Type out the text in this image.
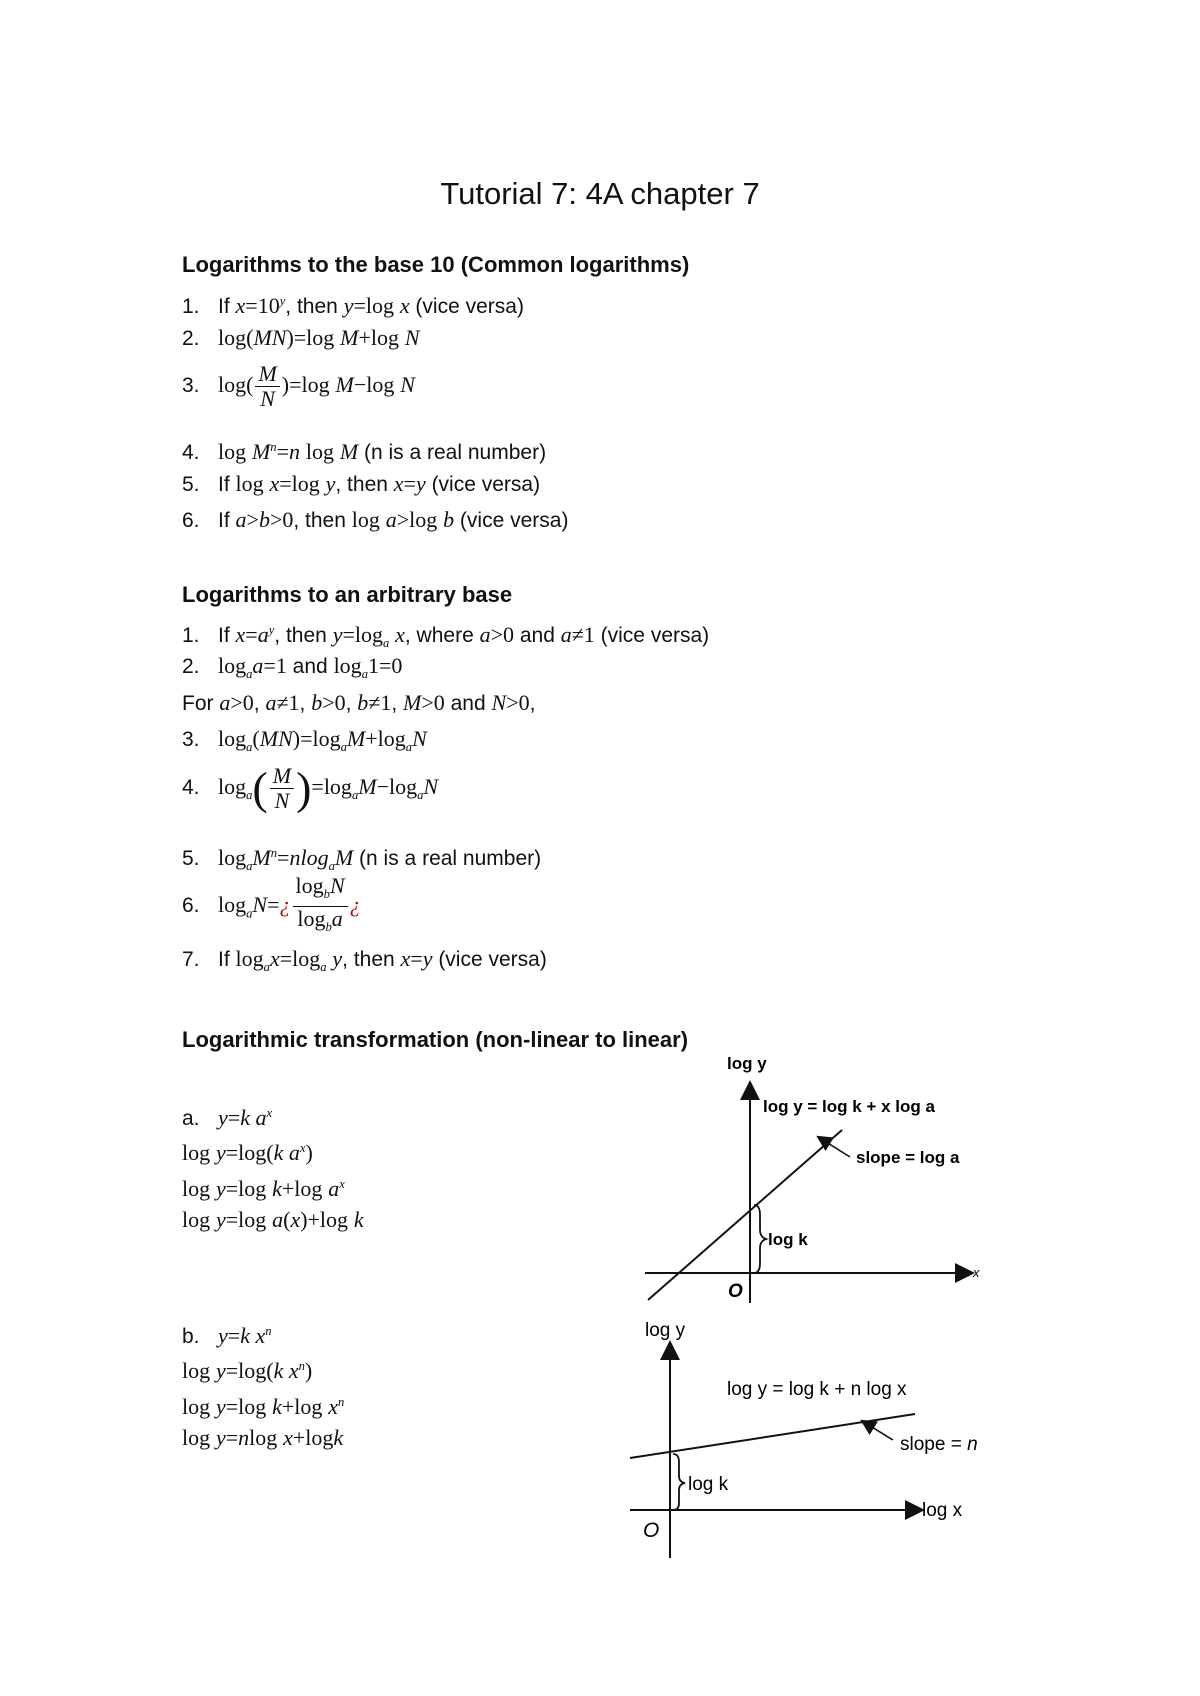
Tutorial 7: 4A chapter 7
Logarithms to the base 10 (Common logarithms)
1. If $x=10^y$, then y=log x (vice versa)
2. log(MN)=log M+log N
3. $\log( \frac{M}{N} )=\log$ M−log N
4. $\log M^n=n$ log M (n is a real number)
5. If log x=log y, then x=y (vice versa)
6. If a>b>0, then log a>log b (vice versa)
Logarithms to an arbitrary base
1. If $x=a^y$, then $y=\log_a$ x, where a>0 and a≠1 (vice versa)
2. $\log_aa=1$ and $\log_a1=0$
For a>0, a≠1, b>0, b≠1, M>0 and N>0,
3. $\log_a(MN)=\log_aM+\log_aN$
4. $\log_a( \frac{M}{N} )=\log_aM-\log_aN$
5. $\log_aM^n=nlog_aM$ (n is a real number)
6. $\log_aN=¿ \frac{\log_bN}{\log_ba}$ ¿
7. If $\log_ax=\log_a$ y, then x=y (vice versa)
Logarithmic transformation (non-linear to linear)
a. y=k $a^x$
log y=log(k $a^x$)
log y=log k+log $a^x$
log y=log a(x)+log k
b. y=k $x^n$
log y=log(k $x^n$)
log y=log k+log $x^n$
log y=nlog x+logk
log y
x
log y = log k + x log a
slope = log a
log k
O
log y
log x
log y = log k + n log x
slope = n
log k
O
